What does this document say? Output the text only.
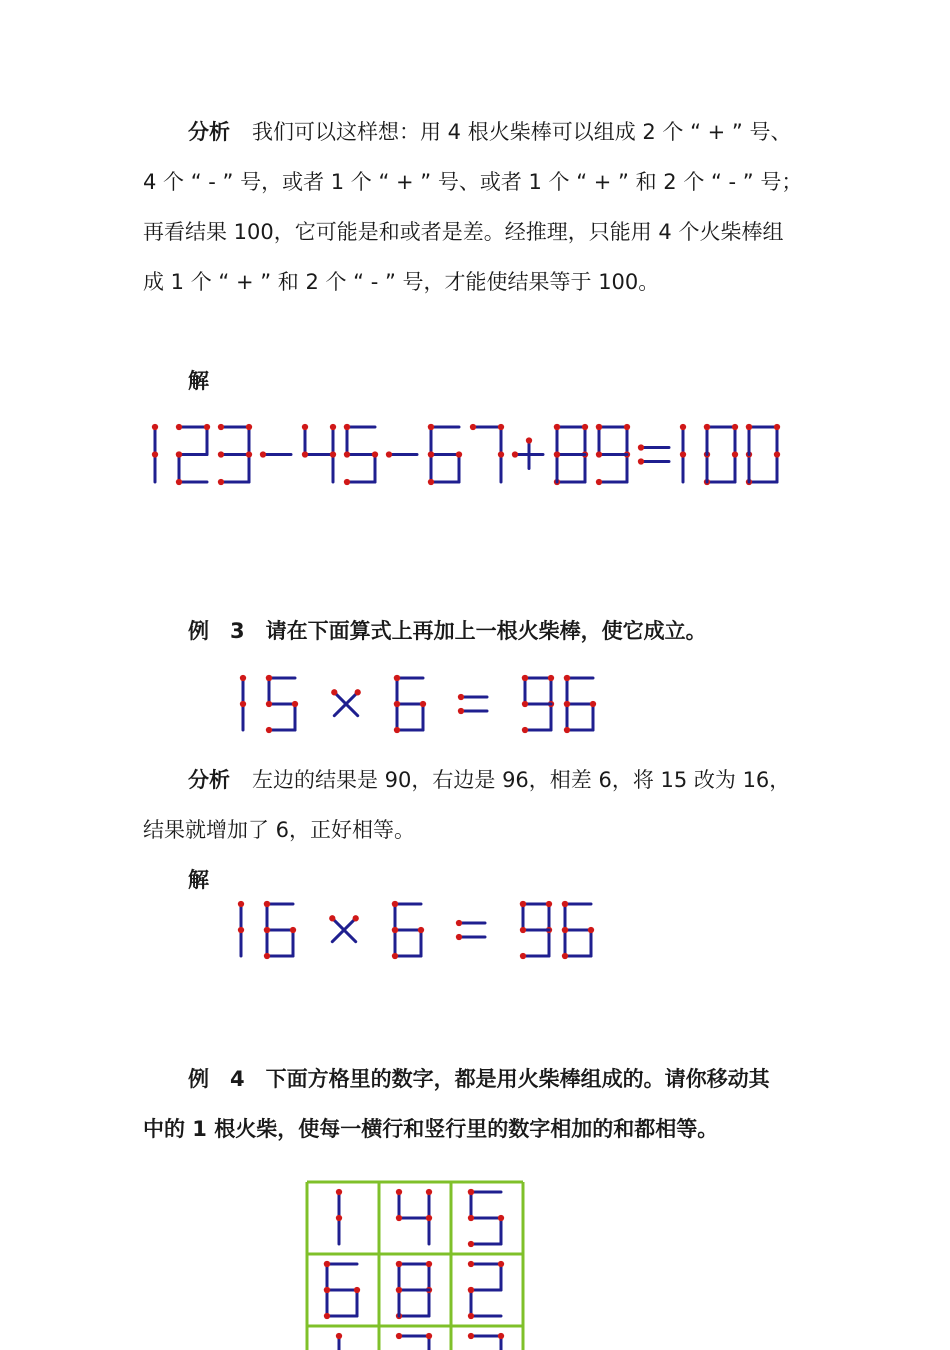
分析 我们可以这样想：用 4 根火柴棒可以组成 2 个 “ + ” 号、
4 个 “ - ” 号，或者 1 个 “ + ” 号、或者 1 个 “ + ” 和 2 个 “ - ” 号；
再看结果 100，它可能是和或者是差。经推理，只能用 4 个火柴棒组
成 1 个 “ + ” 和 2 个 “ - ” 号，才能使结果等于 100。
解
例　3　请在下面算式上再加上一根火柴棒，使它成立。
分析 左边的结果是 90，右边是 96，相差 6，将 15 改为 16，
结果就增加了 6，正好相等。
解
例　4　下面方格里的数字，都是用火柴棒组成的。请你移动其
中的 1 根火柴，使每一横行和竖行里的数字相加的和都相等。
